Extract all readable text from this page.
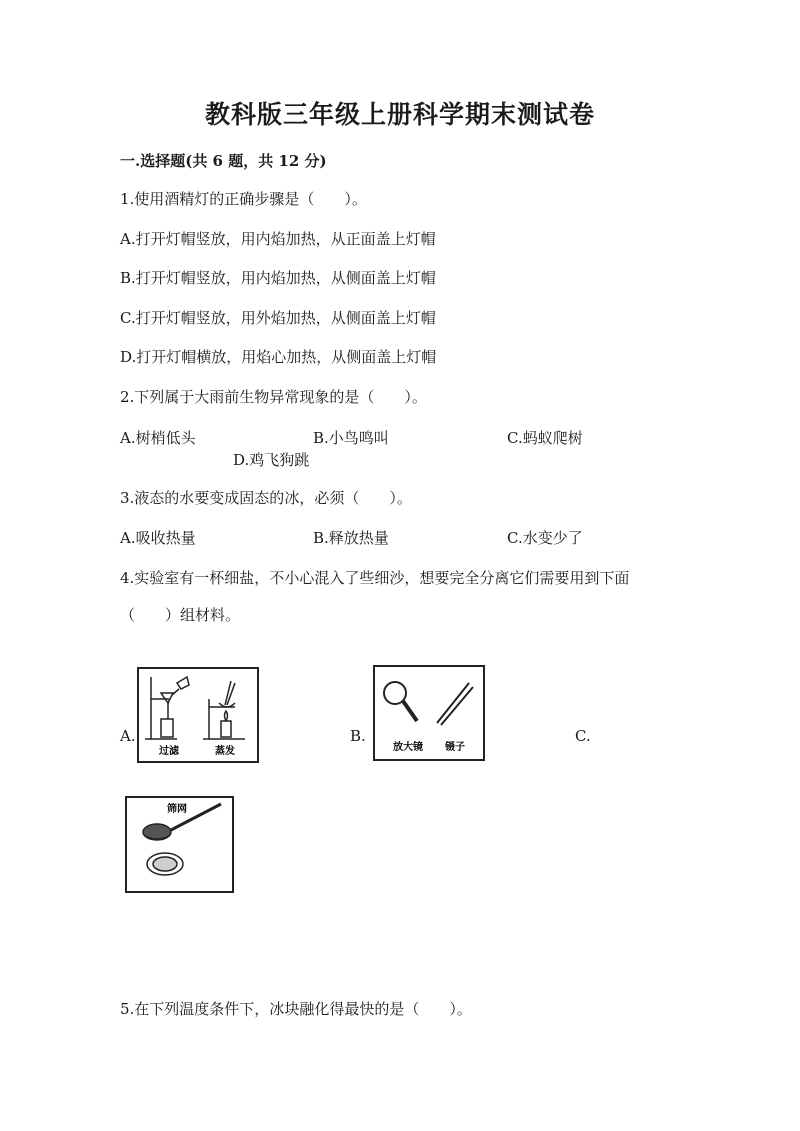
教科版三年级上册科学期末测试卷
一.选择题(共 6 题，共 12 分)
1.使用酒精灯的正确步骤是（　　）。
A.打开灯帽竖放，用内焰加热，从正面盖上灯帽
B.打开灯帽竖放，用内焰加热，从侧面盖上灯帽
C.打开灯帽竖放，用外焰加热，从侧面盖上灯帽
D.打开灯帽横放，用焰心加热，从侧面盖上灯帽
2.下列属于大雨前生物异常现象的是（　　）。
A.树梢低头	B.小鸟鸣叫	C.蚂蚁爬树
D.鸡飞狗跳
3.液态的水要变成固态的冰，必须（　　）。
A.吸收热量	B.释放热量	C.水变少了
4.实验室有一杯细盐，不小心混入了些细沙，想要完全分离它们需要用到下面
（　　）组材料。
A.
过滤	蒸发
B.
放大镜 镊子
C.
筛网
5.在下列温度条件下，冰块融化得最快的是（　　）。
